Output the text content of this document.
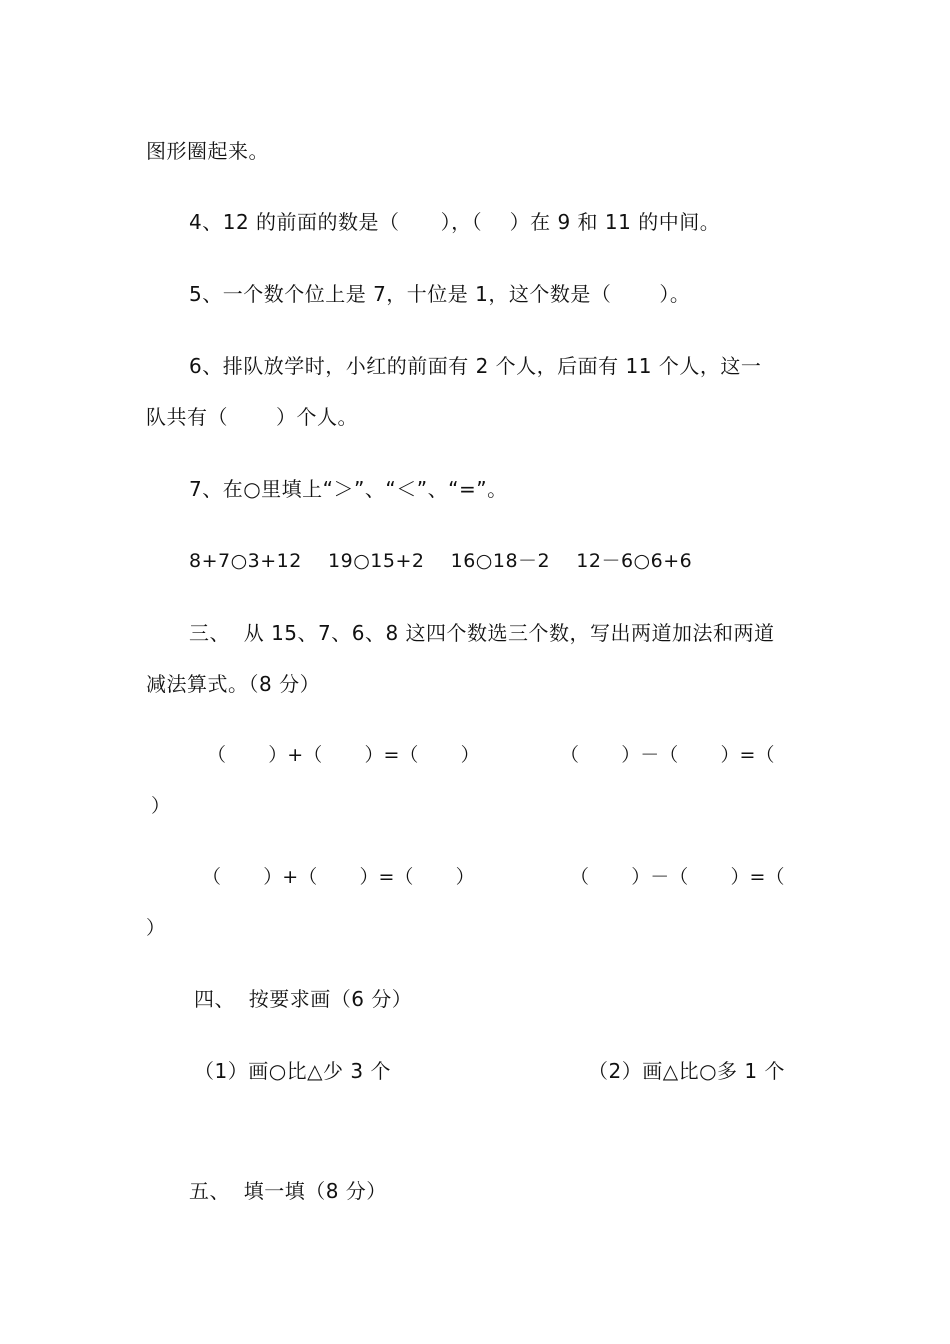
图形圈起来。
4、12 的前面的数是（      ），（    ）在 9 和 11 的中间。
5、一个数个位上是 7，十位是 1，这个数是（       ）。
6、排队放学时，小红的前面有 2 个人，后面有 11 个人，这一
队共有（       ）个人。
7、在○里填上“＞”、“＜”、“=”。
8+7○3+12    19○15+2    16○18－2    12－6○6+6
三、  从 15、7、6、8 这四个数选三个数，写出两道加法和两道
减法算式。（8 分）
（       ）+（       ）=（       ）	（       ）－（       ）=（
）
（       ）+（       ）=（       ）	（       ）－（       ）=（
）
四、  按要求画（6 分）
（1）画○比△少 3 个	（2）画△比○多 1 个
五、  填一填（8 分）
